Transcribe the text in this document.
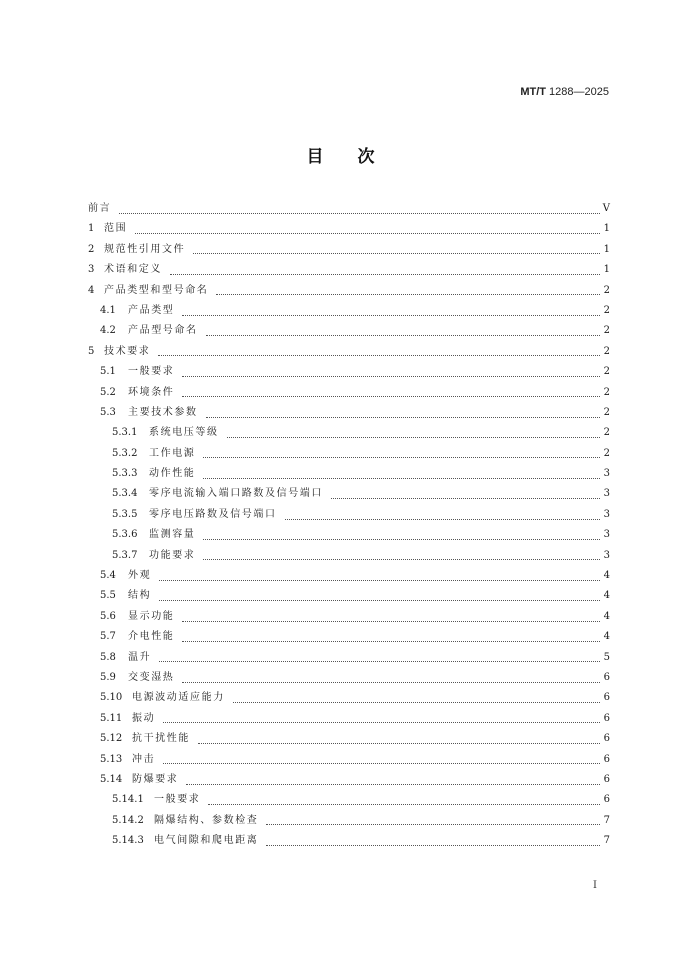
MT/T 1288—2025
目次
前言	V
1 范围	1
2 规范性引用文件	1
3 术语和定义	1
4 产品类型和型号命名	2
4.1	产品类型	2
4.2	产品型号命名	2
5 技术要求	2
5.1	一般要求	2
5.2	环境条件	2
5.3	主要技术参数	2
5.3.1	系统电压等级	2
5.3.2	工作电源	2
5.3.3	动作性能	3
5.3.4	零序电流输入端口路数及信号端口	3
5.3.5	零序电压路数及信号端口	3
5.3.6	监测容量	3
5.3.7	功能要求	3
5.4	外观	4
5.5	结构	4
5.6	显示功能	4
5.7	介电性能	4
5.8	温升	5
5.9	交变湿热	6
5.10 电源波动适应能力	6
5.11 振动	6
5.12 抗干扰性能	6
5.13 冲击	6
5.14 防爆要求	6
5.14.1	一般要求	6
5.14.2	隔爆结构、参数检查	7
5.14.3	电气间隙和爬电距离	7
I
